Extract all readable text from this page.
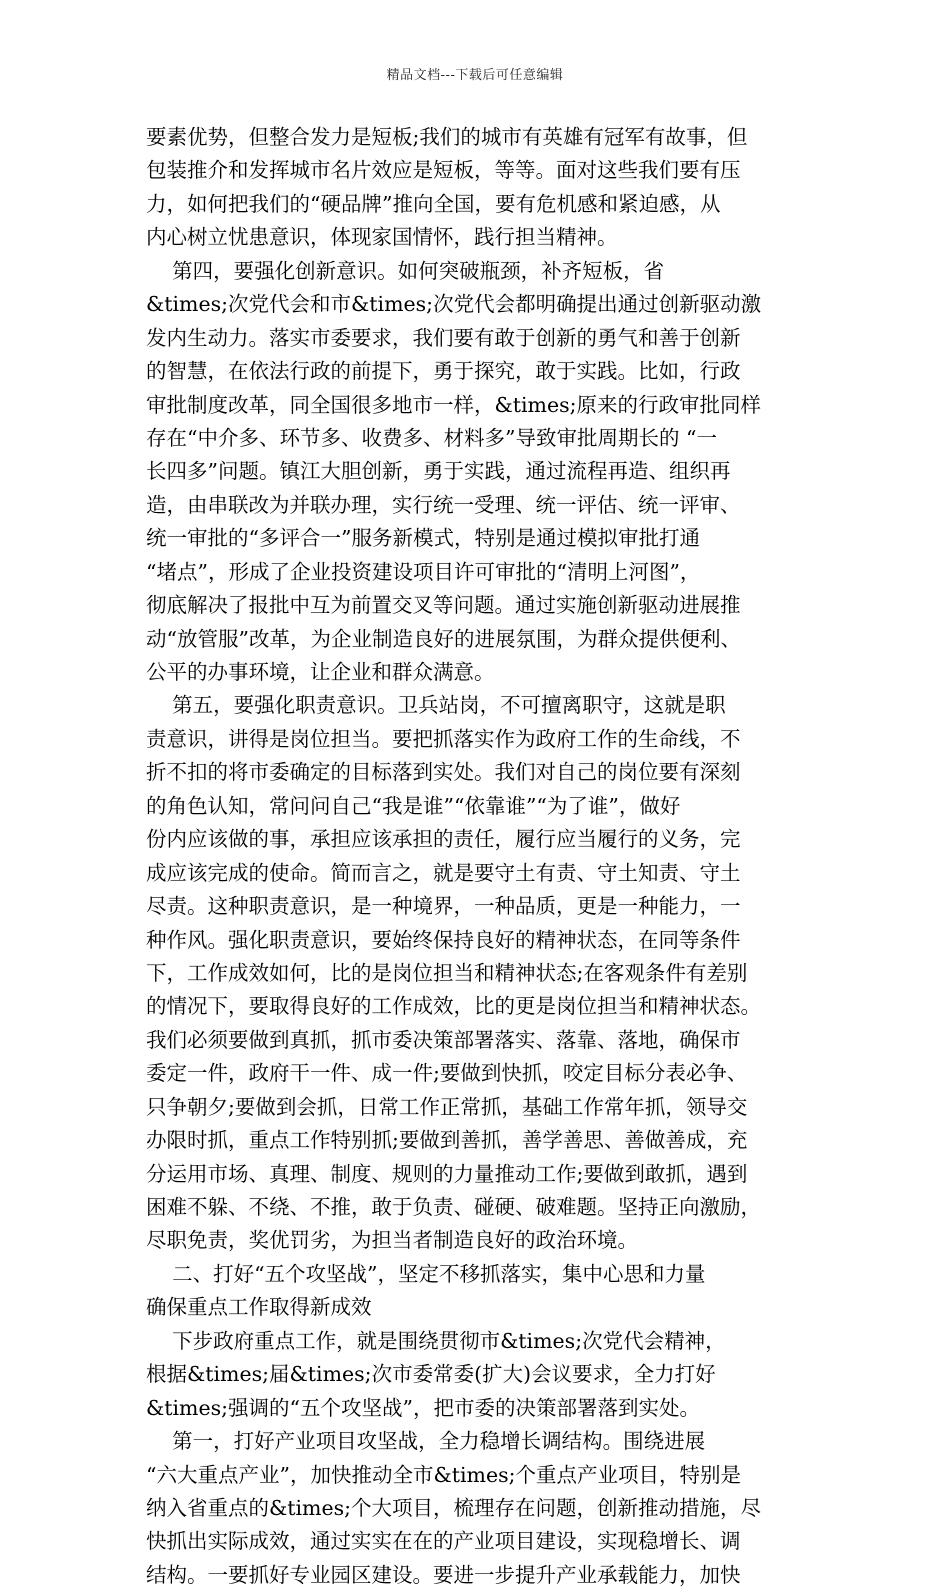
精品文档---下载后可任意编辑
要素优势，但整合发力是短板;我们的城市有英雄有冠军有故事，但
包装推介和发挥城市名片效应是短板，等等。面对这些我们要有压
力，如何把我们的“硬品牌”推向全国，要有危机感和紧迫感，从
内心树立忧患意识，体现家国情怀，践行担当精神。
第四，要强化创新意识。如何突破瓶颈，补齐短板，省
&times;次党代会和市&times;次党代会都明确提出通过创新驱动激
发内生动力。落实市委要求，我们要有敢于创新的勇气和善于创新
的智慧，在依法行政的前提下，勇于探究，敢于实践。比如，行政
审批制度改革，同全国很多地市一样，&times;原来的行政审批同样
存在“中介多、环节多、收费多、材料多”导致审批周期长的 “一
长四多”问题。镇江大胆创新，勇于实践，通过流程再造、组织再
造，由串联改为并联办理，实行统一受理、统一评估、统一评审、
统一审批的“多评合一”服务新模式，特别是通过模拟审批打通
“堵点”，形成了企业投资建设项目许可审批的“清明上河图”，
彻底解决了报批中互为前置交叉等问题。通过实施创新驱动进展推
动“放管服”改革，为企业制造良好的进展氛围，为群众提供便利、
公平的办事环境，让企业和群众满意。
第五，要强化职责意识。卫兵站岗，不可擅离职守，这就是职
责意识，讲得是岗位担当。要把抓落实作为政府工作的生命线，不
折不扣的将市委确定的目标落到实处。我们对自己的岗位要有深刻
的角色认知，常问问自己“我是谁”“依靠谁”“为了谁”，做好
份内应该做的事，承担应该承担的责任，履行应当履行的义务，完
成应该完成的使命。简而言之，就是要守土有责、守土知责、守土
尽责。这种职责意识，是一种境界，一种品质，更是一种能力，一
种作风。强化职责意识，要始终保持良好的精神状态，在同等条件
下，工作成效如何，比的是岗位担当和精神状态;在客观条件有差别
的情况下，要取得良好的工作成效，比的更是岗位担当和精神状态。
我们必须要做到真抓，抓市委决策部署落实、落靠、落地，确保市
委定一件，政府干一件、成一件;要做到快抓，咬定目标分表必争、
只争朝夕;要做到会抓，日常工作正常抓，基础工作常年抓，领导交
办限时抓，重点工作特别抓;要做到善抓，善学善思、善做善成，充
分运用市场、真理、制度、规则的力量推动工作;要做到敢抓，遇到
困难不躲、不绕、不推，敢于负责、碰硬、破难题。坚持正向激励，
尽职免责，奖优罚劣，为担当者制造良好的政治环境。
二、打好“五个攻坚战”，坚定不移抓落实，集中心思和力量
确保重点工作取得新成效
下步政府重点工作，就是围绕贯彻市&times;次党代会精神，
根据&times;届&times;次市委常委(扩大)会议要求，全力打好
&times;强调的“五个攻坚战”，把市委的决策部署落到实处。
第一，打好产业项目攻坚战，全力稳增长调结构。围绕进展
“六大重点产业”，加快推动全市&times;个重点产业项目，特别是
纳入省重点的&times;个大项目，梳理存在问题，创新推动措施，尽
快抓出实际成效，通过实实在在的产业项目建设，实现稳增长、调
结构。一要抓好专业园区建设。要进一步提升产业承载能力，加快
